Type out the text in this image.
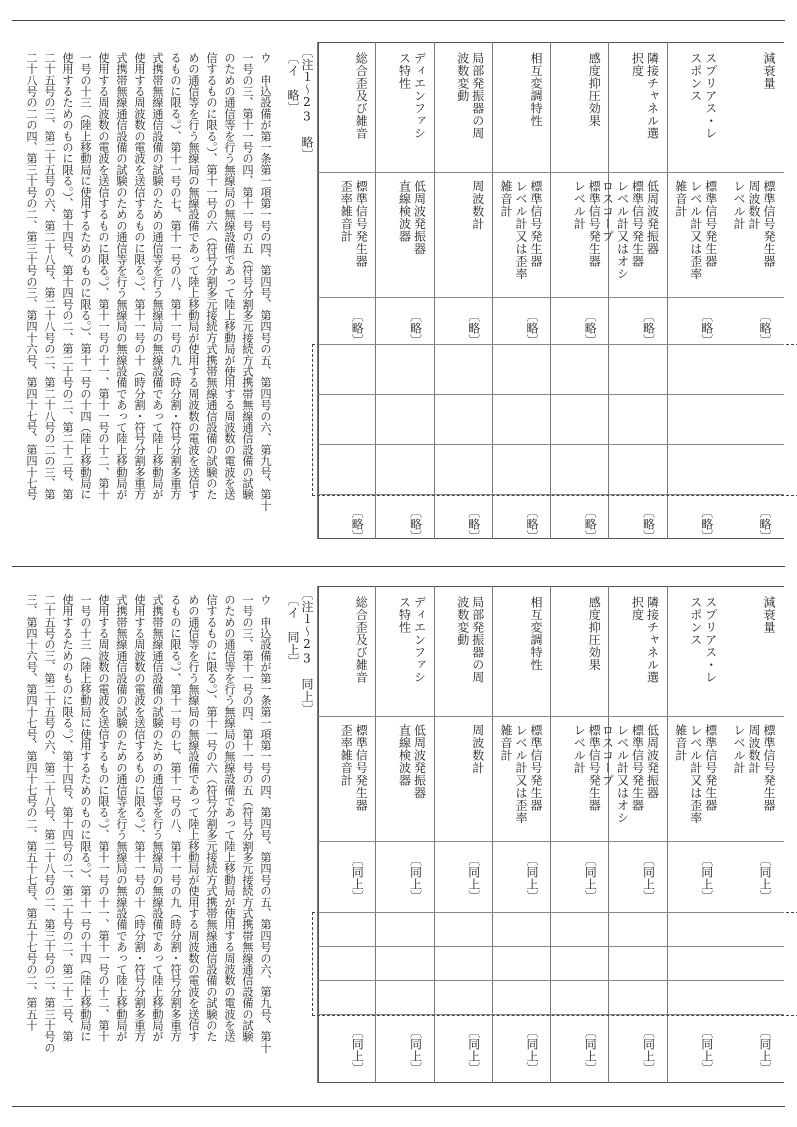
減衰量
標準信号発生器
周波数計
レベル計
〔略〕
〔略〕
スプリアス・レ
スポンス
標準信号発生器
レベル計又は歪率
雑音計
〔略〕
〔略〕
隣接チャネル選
択度
低周波発振器
標準信号発生器
レベル計又はオシ
ロスコープ
〔略〕
〔略〕
感度抑圧効果
標準信号発生器
レベル計
〔略〕
〔略〕
相互変調特性
標準信号発生器
レベル計又は歪率
雑音計
〔略〕
〔略〕
局部発振器の周
波数変動
周波数計
〔略〕
〔略〕
ディエンファシ
ス特性
低周波発振器
直線検波器
〔略〕
〔略〕
総合歪及び雑音
標準信号発生器
歪率雑音計
〔略〕
〔略〕
〔注１～23　略〕
〔イ　略〕
ウ　申込設備が第一条第一項第一号の四、第四号、第四号の五、第四号の六、第九号、第十
一号の三、第十一号の四、第十一号の五（符号分割多元接続方式携帯無線通信設備の試験
のための通信等を行う無線局の無線設備であって陸上移動局が使用する周波数の電波を送
信するものに限る。）、第十一号の六（符号分割多元接続方式携帯無線通信設備の試験のた
めの通信等を行う無線局の無線設備であって陸上移動局が使用する周波数の電波を送信す
るものに限る。）、第十一号の七、第十一号の八、第十一号の九（時分割・符号分割多重方
式携帯無線通信設備の試験のための通信等を行う無線局の無線設備であって陸上移動局が
使用する周波数の電波を送信するものに限る。）、第十一号の十（時分割・符号分割多重方
式携帯無線通信設備の試験のための通信等を行う無線局の無線設備であって陸上移動局が
使用する周波数の電波を送信するものに限る。）、第十一号の十一、第十一号の十二、第十
一号の十三（陸上移動局に使用するためのものに限る。）、第十一号の十四（陸上移動局に
使用するためのものに限る。）、第十四号、第十四号の二、第二十号の二、第二十二号、第
二十五号の三、第二十五号の六、第二十八号、第二十八号の二、第二十八号の二の三、第
二十八号の二の四、第三十号の二、第三十号の三、第四十六号、第四十七号、第四十七号
減衰量
標準信号発生器
周波数計
レベル計
〔同上〕
〔同上〕
スプリアス・レ
スポンス
標準信号発生器
レベル計又は歪率
雑音計
〔同上〕
〔同上〕
隣接チャネル選
択度
低周波発振器
標準信号発生器
レベル計又はオシ
ロスコープ
〔同上〕
〔同上〕
感度抑圧効果
標準信号発生器
レベル計
〔同上〕
〔同上〕
相互変調特性
標準信号発生器
レベル計又は歪率
雑音計
〔同上〕
〔同上〕
局部発振器の周
波数変動
周波数計
〔同上〕
〔同上〕
ディエンファシ
ス特性
低周波発振器
直線検波器
〔同上〕
〔同上〕
総合歪及び雑音
標準信号発生器
歪率雑音計
〔同上〕
〔同上〕
〔注１～23　同上〕
〔イ　同上〕
ウ　申込設備が第一条第一項第一号の四、第四号、第四号の五、第四号の六、第九号、第十
一号の三、第十一号の四、第十一号の五（符号分割多元接続方式携帯無線通信設備の試験
のための通信等を行う無線局の無線設備であって陸上移動局が使用する周波数の電波を送
信するものに限る。）、第十一号の六（符号分割多元接続方式携帯無線通信設備の試験のた
めの通信等を行う無線局の無線設備であって陸上移動局が使用する周波数の電波を送信す
るものに限る。）、第十一号の七、第十一号の八、第十一号の九（時分割・符号分割多重方
式携帯無線通信設備の試験のための通信等を行う無線局の無線設備であって陸上移動局が
使用する周波数の電波を送信するものに限る。）、第十一号の十（時分割・符号分割多重方
式携帯無線通信設備の試験のための通信等を行う無線局の無線設備であって陸上移動局が
使用する周波数の電波を送信するものに限る。）、第十一号の十一、第十一号の十二、第十
一号の十三（陸上移動局に使用するためのものに限る。）、第十一号の十四（陸上移動局に
使用するためのものに限る。）、第十四号、第十四号の二、第二十号の二、第二十二号、第
二十五号の三、第二十五号の六、第二十八号、第二十八号の二、第三十号の二、第三十号の
三、第四十六号、第四十七号、第四十七号の二、第五十七号、第五十七号の二、第五十
